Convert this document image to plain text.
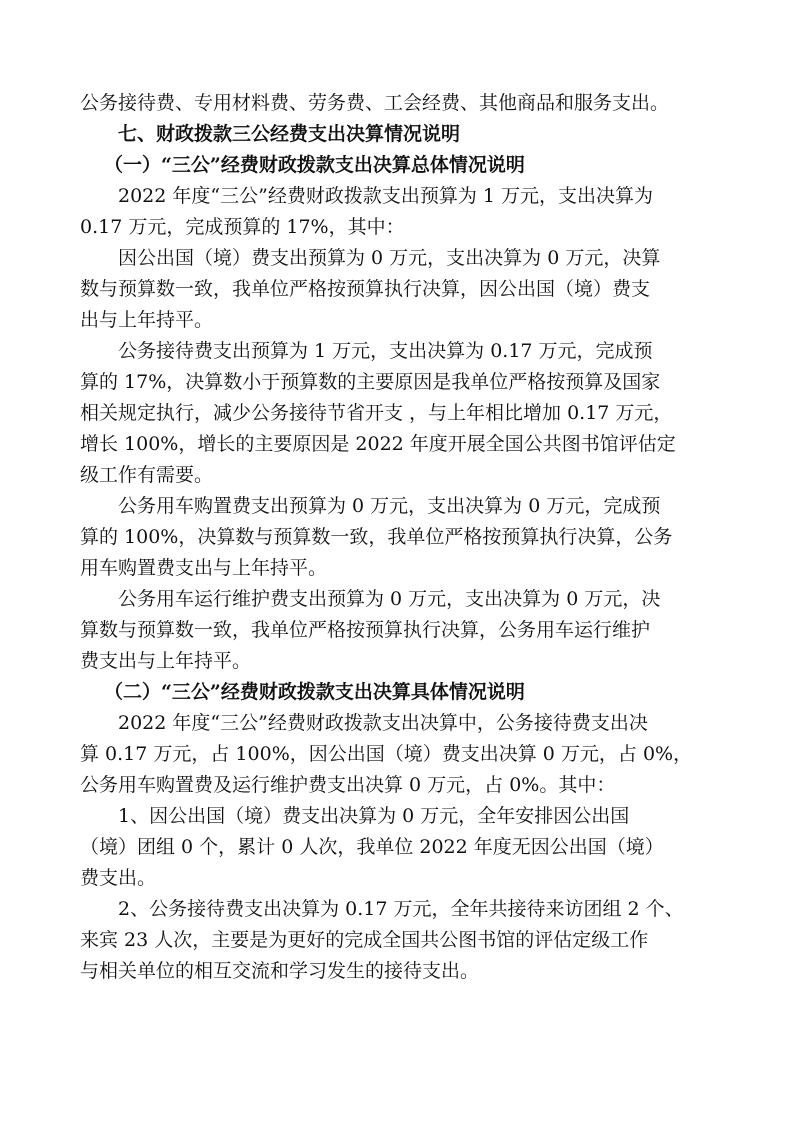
公务接待费、专用材料费、劳务费、工会经费、其他商品和服务支出。
七、财政拨款三公经费支出决算情况说明
（一）“三公”经费财政拨款支出决算总体情况说明
2022 年度“三公”经费财政拨款支出预算为 1 万元，支出决算为
0.17 万元，完成预算的 17%，其中：
因公出国（境）费支出预算为 0 万元，支出决算为 0 万元，决算
数与预算数一致，我单位严格按预算执行决算，因公出国（境）费支
出与上年持平。
公务接待费支出预算为 1 万元，支出决算为 0.17 万元，完成预
算的 17%，决算数小于预算数的主要原因是我单位严格按预算及国家
相关规定执行，减少公务接待节省开支 ，与上年相比增加 0.17 万元，
增长 100%，增长的主要原因是 2022 年度开展全国公共图书馆评估定
级工作有需要。
公务用车购置费支出预算为 0 万元，支出决算为 0 万元，完成预
算的 100%，决算数与预算数一致，我单位严格按预算执行决算，公务
用车购置费支出与上年持平。
公务用车运行维护费支出预算为 0 万元，支出决算为 0 万元，决
算数与预算数一致，我单位严格按预算执行决算，公务用车运行维护
费支出与上年持平。
（二）“三公”经费财政拨款支出决算具体情况说明
2022 年度“三公”经费财政拨款支出决算中，公务接待费支出决
算 0.17 万元，占 100%，因公出国（境）费支出决算 0 万元，占 0%，
公务用车购置费及运行维护费支出决算 0 万元，占 0%。其中：
1、因公出国（境）费支出决算为 0 万元，全年安排因公出国
（境）团组 0 个，累计 0 人次，我单位 2022 年度无因公出国（境）
费支出。
2、公务接待费支出决算为 0.17 万元，全年共接待来访团组 2 个、
来宾 23 人次，主要是为更好的完成全国共公图书馆的评估定级工作
与相关单位的相互交流和学习发生的接待支出。
